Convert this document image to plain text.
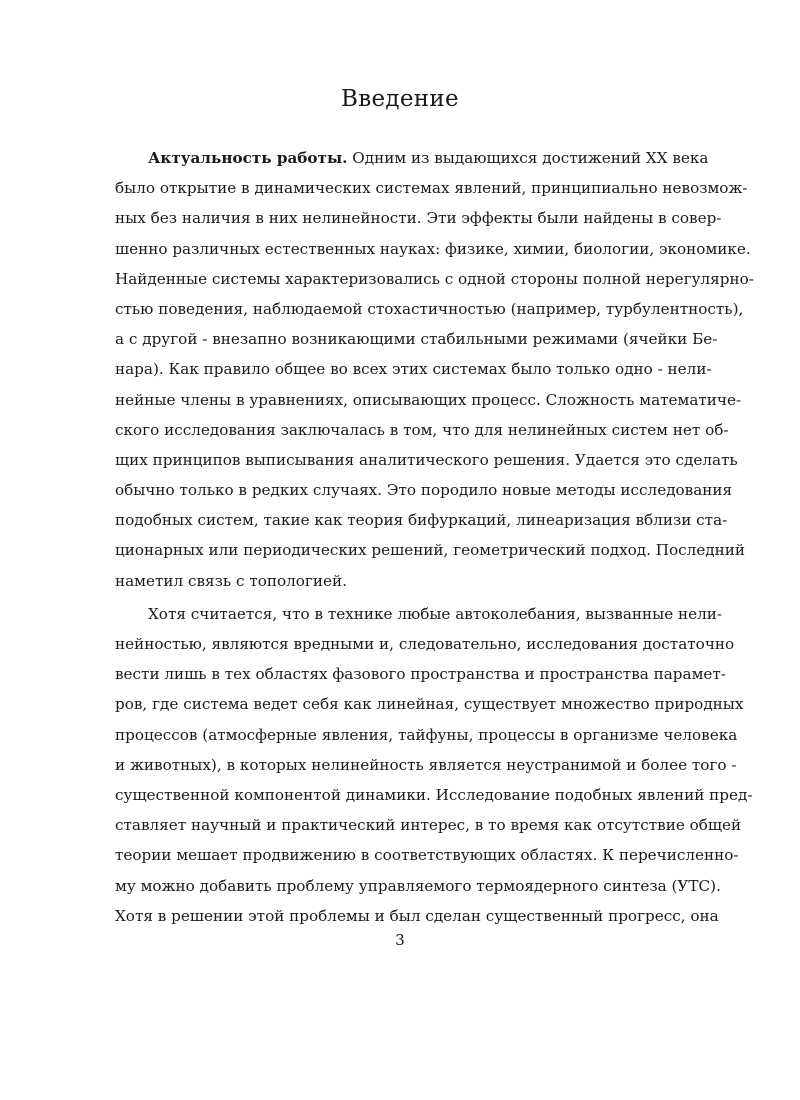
Введение

Актуальность работы. Одним из выдающихся достижений XX века
было открытие в динамических системах явлений, принципиально невозмож-
ных без наличия в них нелинейности. Эти эффекты были найдены в совер-
шенно различных естественных науках: физике, химии, биологии, экономике.
Найденные системы характеризовались с одной стороны полной нерегулярно-
стью поведения, наблюдаемой стохастичностью (например, турбулентность),
а с другой - внезапно возникающими стабильными режимами (ячейки Бе-
нара). Как правило общее во всех этих системах было только одно - нели-
нейные члены в уравнениях, описывающих процесс. Сложность математиче-
ского исследования заключалась в том, что для нелинейных систем нет об-
щих принципов выписывания аналитического решения. Удается это сделать
обычно только в редких случаях. Это породило новые методы исследования
подобных систем, такие как теория бифуркаций, линеаризация вблизи ста-
ционарных или периодических решений, геометрический подход. Последний
наметил связь с топологией.

Хотя считается, что в технике любые автоколебания, вызванные нели-
нейностью, являются вредными и, следовательно, исследования достаточно
вести лишь в тех областях фазового пространства и пространства парамет-
ров, где система ведет себя как линейная, существует множество природных
процессов (атмосферные явления, тайфуны, процессы в организме человека
и животных), в которых нелинейность является неустранимой и более того -
существенной компонентой динамики. Исследование подобных явлений пред-
ставляет научный и практический интерес, в то время как отсутствие общей
теории мешает продвижению в соответствующих областях. К перечисленно-
му можно добавить проблему управляемого термоядерного синтеза (УТС).
Хотя в решении этой проблемы и был сделан существенный прогресс, она

3
